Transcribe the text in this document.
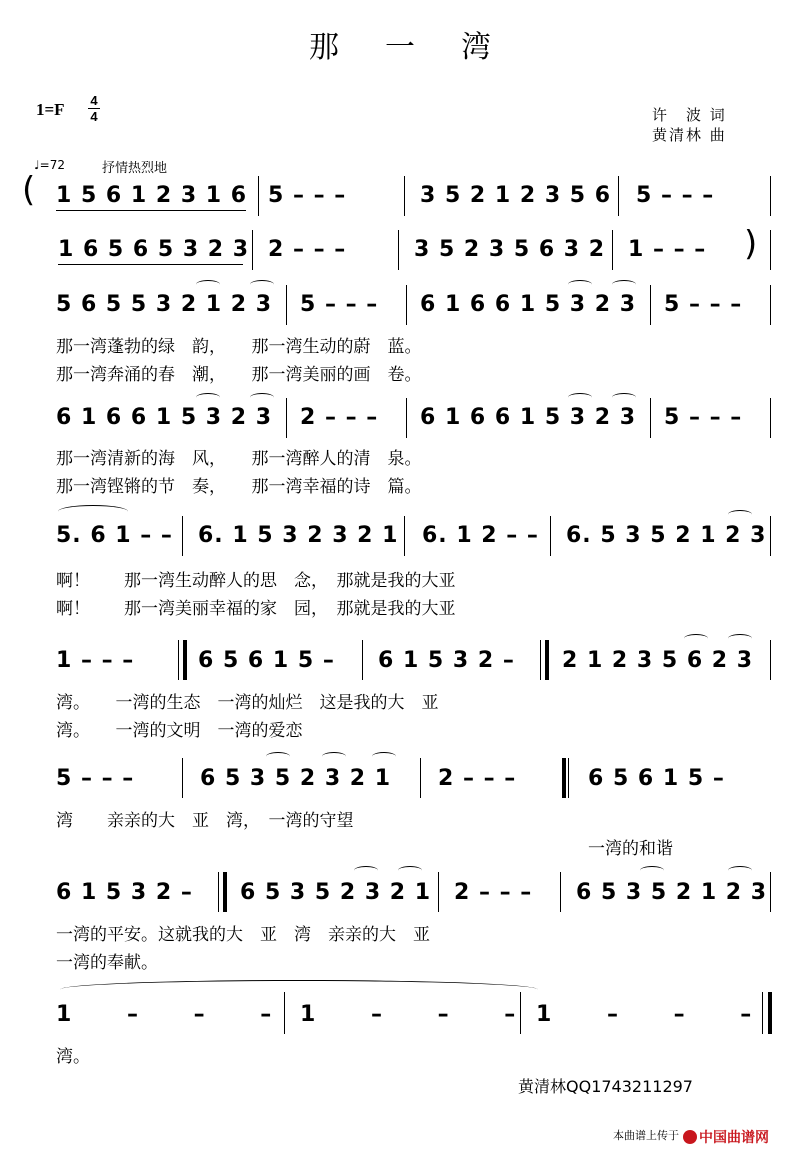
那一湾
1=F 4
4	许　波 词
黄清林 曲
♩=72	抒情热烈地
( 1 5 6 1 2 3 1 6 5 – – –	3 5 2 1 2 3 5 6 5 – – –
1 6 5 6 5 3 2 3 2 – – –	3 5 2 3 5 6 3 2 1 – – – )
5 6 5 5 3 2 1 2 3 5 – – – 6 1 6 6 1 5 3 2 3 5 – – –
那一湾蓬勃的绿　韵，　　那一湾生动的蔚　蓝。
那一湾奔涌的春　潮，　　那一湾美丽的画　卷。
6 1 6 6 1 5 3 2 3 2 – – – 6 1 6 6 1 5 3 2 3 5 – – –
那一湾清新的海　风，　　那一湾醉人的清　泉。
那一湾铿锵的节　奏，　　那一湾幸福的诗　篇。
5. 6 1 – – 6. 1 5 3 2 3 2 1 6. 1 2 – – 6. 5 3 5 2 1 2 3
啊！　　那一湾生动醉人的思　念，　那就是我的大亚
啊！　　那一湾美丽幸福的家　园，　那就是我的大亚
1 – – –	6 5 6 1 5 – 6 1 5 3 2 – 2 1 2 3 5 6 2 3
湾。　　一湾的生态　一湾的灿烂　这是我的大　亚
湾。　　一湾的文明　一湾的爱恋
5 – – –	6 5 3 5 2 3 2 1 2 – – –	6 5 6 1 5 –
湾　　亲亲的大　亚　湾，　一湾的守望
一湾的和谐
6 1 5 3 2 – 6 5 3 5 2 3 2 1 2 – – – 6 5 3 5 2 1 2 3
一湾的平安。这就我的大　亚　湾　亲亲的大　亚
一湾的奉献。
1 – – – 1 – – –
1 – – –
湾。
黄清林QQ1743211297
本曲谱上传于	中国曲谱网
